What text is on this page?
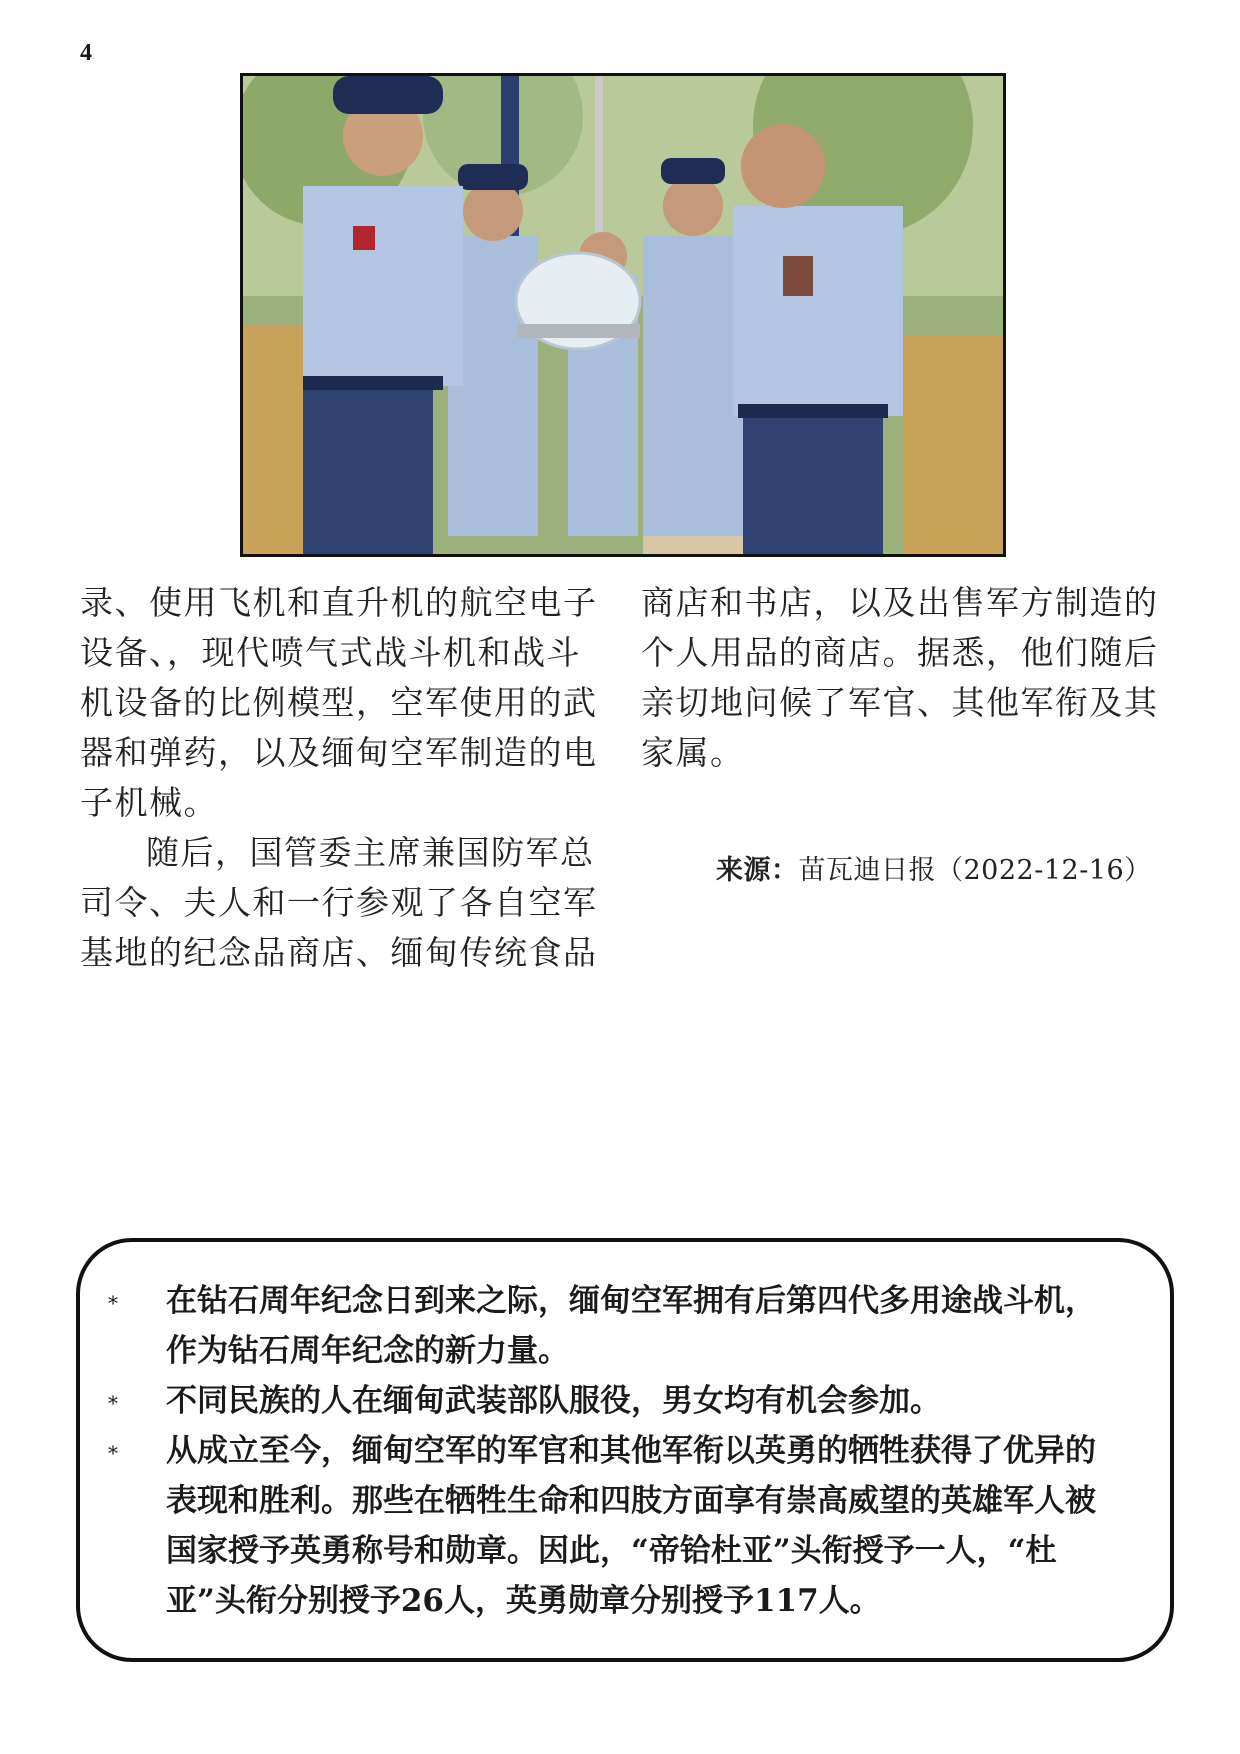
4

录、使用飞机和直升机的航空电子设备、，现代喷气式战斗机和战斗机设备的比例模型，空军使用的武器和弹药，以及缅甸空军制造的电子机械。

随后，国管委主席兼国防军总司令、夫人和一行参观了各自空军基地的纪念品商店、缅甸传统食品

商店和书店，以及出售军方制造的个人用品的商店。据悉，他们随后亲切地问候了军官、其他军衔及其家属。

来源：苗瓦迪日报（2022-12-16）
* 在钻石周年纪念日到来之际，缅甸空军拥有后第四代多用途战斗机，作为钻石周年纪念的新力量。
* 不同民族的人在缅甸武装部队服役，男女均有机会参加。
* 从成立至今，缅甸空军的军官和其他军衔以英勇的牺牲获得了优异的表现和胜利。那些在牺牲生命和四肢方面享有崇高威望的英雄军人被国家授予英勇称号和勋章。因此，“帝铪杜亚”头衔授予一人，“杜亚”头衔分别授予26人，英勇勋章分别授予117人。
